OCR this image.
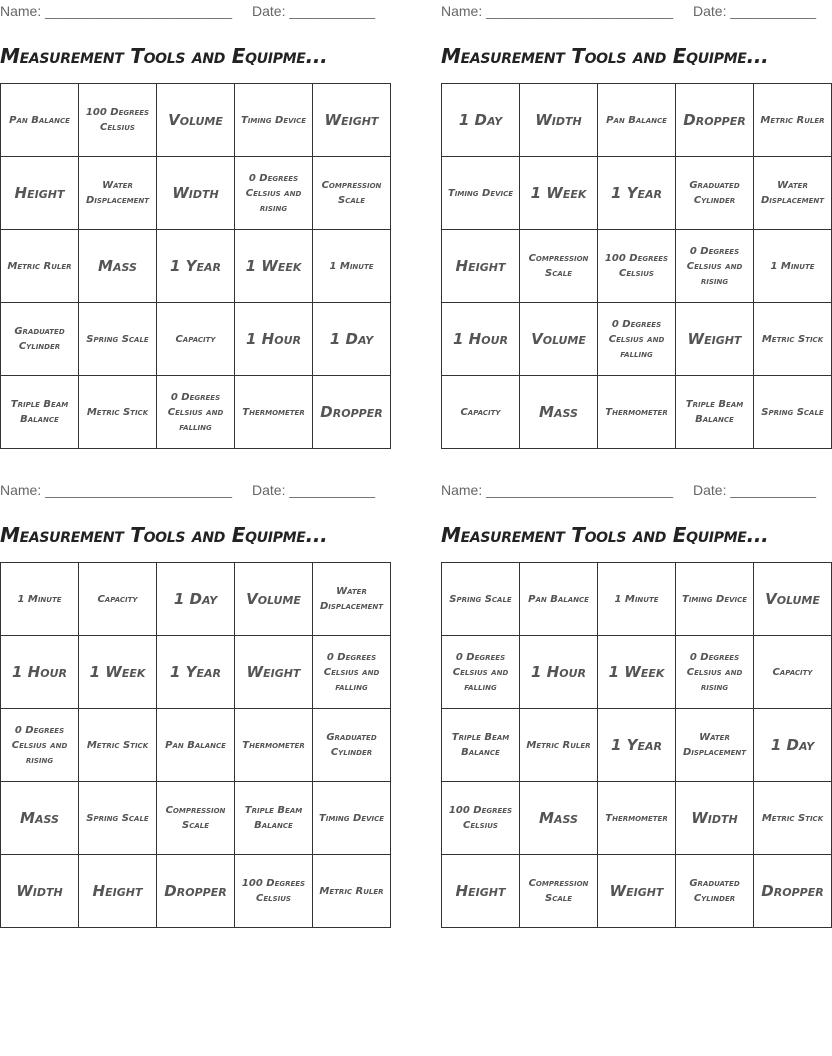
Name: ________________________ Date: ___________
Measurement Tools and Equipme...
Pan Balance	100 Degrees Celsius	Volume	Timing Device	Weight
Height	Water Displacement	Width	0 Degrees Celsius and rising	Compression Scale
Metric Ruler	Mass	1 Year	1 Week	1 Minute
Graduated Cylinder	Spring Scale	Capacity	1 Hour	1 Day
Triple Beam Balance	Metric Stick	0 Degrees Celsius and falling	Thermometer	Dropper
Name: ________________________ Date: ___________
Measurement Tools and Equipme...
1 Day	Width	Pan Balance	Dropper	Metric Ruler
Timing Device	1 Week	1 Year	Graduated Cylinder	Water Displacement
Height	Compression Scale	100 Degrees Celsius	0 Degrees Celsius and rising	1 Minute
1 Hour	Volume	0 Degrees Celsius and falling	Weight	Metric Stick
Capacity	Mass	Thermometer	Triple Beam Balance	Spring Scale
Name: ________________________ Date: ___________
Measurement Tools and Equipme...
1 Minute	Capacity	1 Day	Volume	Water Displacement
1 Hour	1 Week	1 Year	Weight	0 Degrees Celsius and falling
0 Degrees Celsius and rising	Metric Stick	Pan Balance	Thermometer	Graduated Cylinder
Mass	Spring Scale	Compression Scale	Triple Beam Balance	Timing Device
Width	Height	Dropper	100 Degrees Celsius	Metric Ruler
Name: ________________________ Date: ___________
Measurement Tools and Equipme...
Spring Scale	Pan Balance	1 Minute	Timing Device	Volume
0 Degrees Celsius and falling	1 Hour	1 Week	0 Degrees Celsius and rising	Capacity
Triple Beam Balance	Metric Ruler	1 Year	Water Displacement	1 Day
100 Degrees Celsius	Mass	Thermometer	Width	Metric Stick
Height	Compression Scale	Weight	Graduated Cylinder	Dropper
